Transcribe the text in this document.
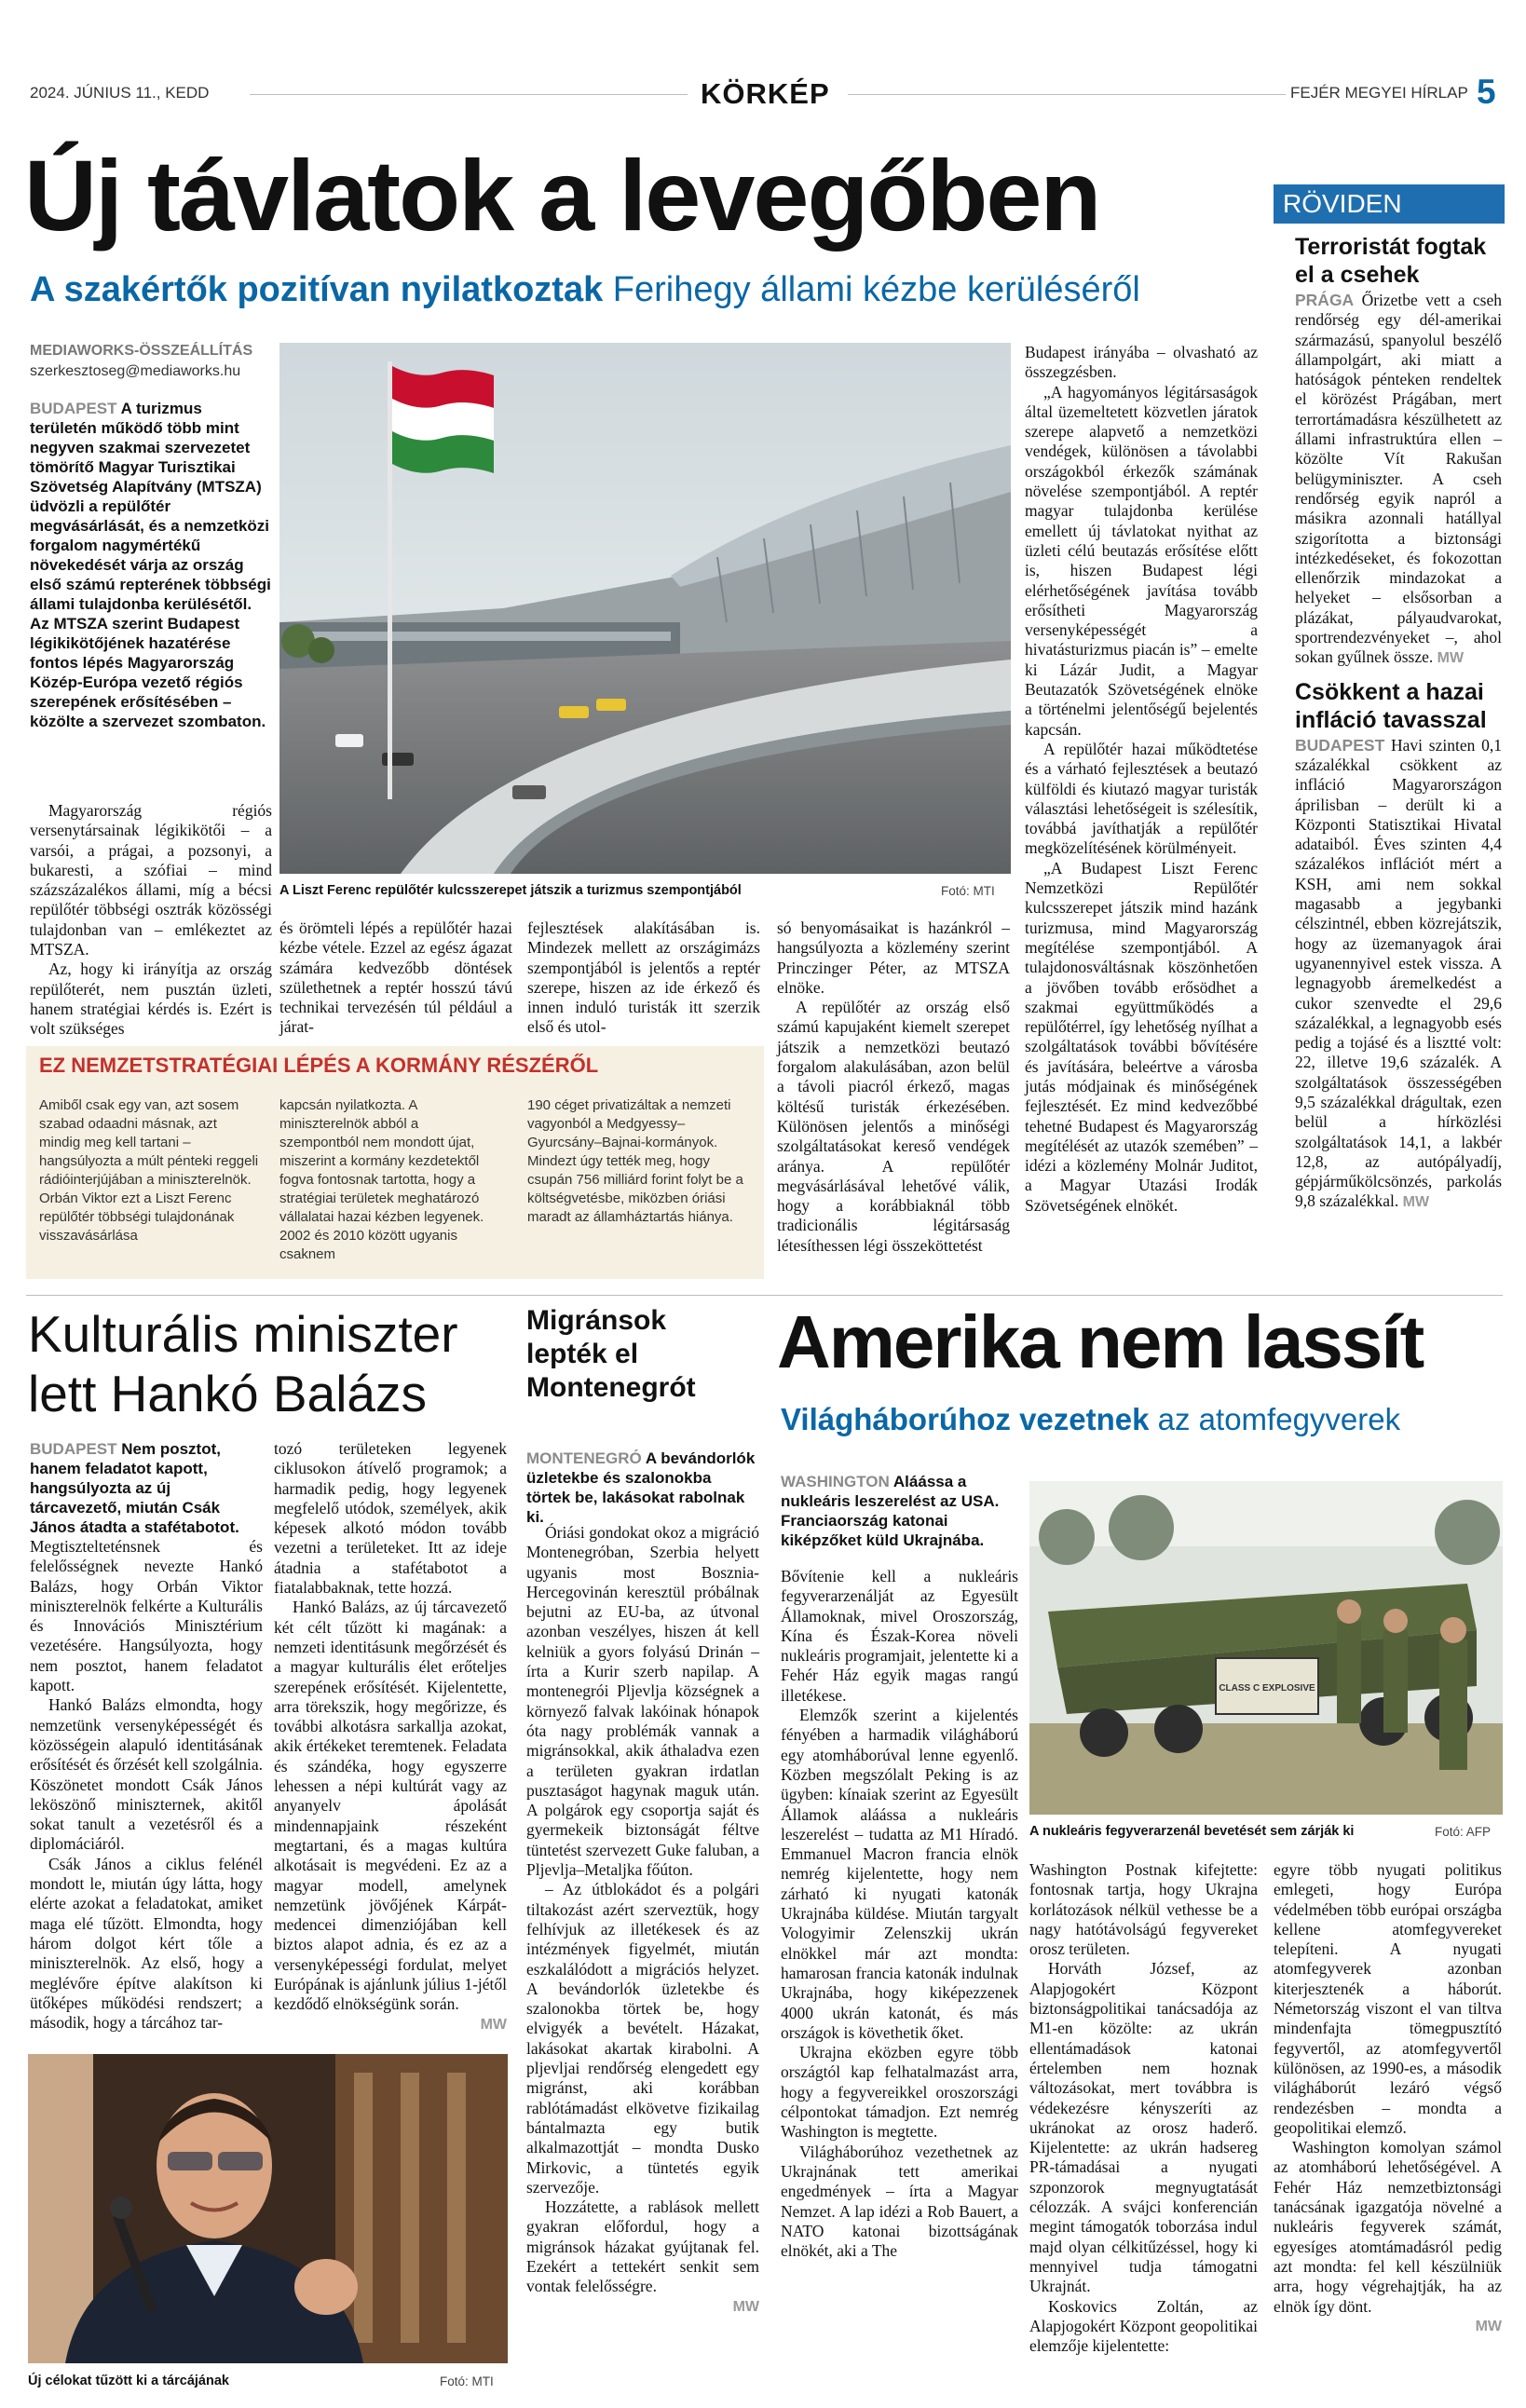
2024. JÚNIUS 11., KEDD	KÖRKÉP	FEJÉR MEGYEI HÍRLAP 5
Új távlatok a levegőben
A szakértők pozitívan nyilatkoztak Ferihegy állami kézbe kerüléséről
MEDIAWORKS-ÖSSZEÁLLÍTÁS
szerkesztoseg@mediaworks.hu

BUDAPEST A turizmus területén működő több mint negyven szakmai szervezetet tömörítő Magyar Turisztikai Szövetség Alapítvány (MTSZA) üdvözli a repülőtér megvásárlását, és a nemzetközi forgalom nagymértékű növekedését várja az ország első számú repterének többségi állami tulajdonba kerülésétől. Az MTSZA szerint Budapest légikikötőjének hazatérése fontos lépés Magyarország Közép-Európa vezető régiós szerepének erősítésében – közölte a szervezet szombaton.

Magyarország régiós versenytársainak légikikötői – a varsói, a prágai, a pozsonyi, a bukaresti, a szófiai – mind százszázalékos állami, míg a bécsi repülőtér többségi osztrák közösségi tulajdonban van – emlékeztet az MTSZA.

Az, hogy ki irányítja az ország repülőterét, nem pusztán üzleti, hanem stratégiai kérdés is. Ezért is volt szükséges

A Liszt Ferenc repülőtér kulcsszerepet játszik a turizmus szempontjából	Fotó: MTI

és örömteli lépés a repülőtér hazai kézbe vétele. Ezzel az egész ágazat számára kedvezőbb döntések születhetnek a reptér hosszú távú technikai tervezésén túl például a járat-

fejlesztések alakításában is. Mindezek mellett az országimázs szempontjából is jelentős a reptér szerepe, hiszen az ide érkező és innen induló turisták itt szerzik első és utol-

só benyomásaikat is hazánkról – hangsúlyozta a közlemény szerint Princzinger Péter, az MTSZA elnöke.

A repülőtér az ország első számú kapujaként kiemelt szerepet játszik a nemzetközi beutazó forgalom alakulásában, azon belül a távoli piacról érkező, magas költésű turisták érkezésében. Különösen jelentős a minőségi szolgáltatásokat kereső vendégek aránya. A repülőtér megvásárlásával lehetővé válik, hogy a korábbiaknál több tradicionális légitársaság létesíthessen légi összeköttetést

Budapest irányába – olvasható az összegzésben.

„A hagyományos légitársaságok által üzemeltetett közvetlen járatok szerepe alapvető a nemzetközi vendégek, különösen a távolabbi országokból érkezők számának növelése szempontjából. A reptér magyar tulajdonba kerülése emellett új távlatokat nyithat az üzleti célú beutazás erősítése előtt is, hiszen Budapest légi elérhetőségének javítása tovább erősítheti Magyarország versenyképességét a hivatásturizmus piacán is” – emelte ki Lázár Judit, a Magyar Beutazatók Szövetségének elnöke a történelmi jelentőségű bejelentés kapcsán.

A repülőtér hazai működtetése és a várható fejlesztések a beutazó külföldi és kiutazó magyar turisták választási lehetőségeit is szélesítik, továbbá javíthatják a repülőtér megközelítésének körülményeit.

„A Budapest Liszt Ferenc Nemzetközi Repülőtér kulcsszerepet játszik mind hazánk turizmusa, mind Magyarország megítélése szempontjából. A tulajdonosváltásnak köszönhetően a jövőben tovább erősödhet a szakmai együttműködés a repülőtérrel, így lehetőség nyílhat a szolgáltatások további bővítésére és javítására, beleértve a városba jutás módjainak és minőségének fejlesztését. Ez mind kedvezőbbé tehetné Budapest és Magyarország megítélését az utazók szemében” – idézi a közlemény Molnár Juditot, a Magyar Utazási Irodák Szövetségének elnökét.

EZ NEMZETSTRATÉGIAI LÉPÉS A KORMÁNY RÉSZÉRŐL
Amiből csak egy van, azt sosem szabad odaadni másnak, azt mindig meg kell tartani – hangsúlyozta a múlt pénteki reggeli rádióinterjújában a miniszterelnök. Orbán Viktor ezt a Liszt Ferenc repülőtér többségi tulajdonának visszavásárlása
kapcsán nyilatkozta. A miniszterelnök abból a szempontból nem mondott újat, miszerint a kormány kezdetektől fogva fontosnak tartotta, hogy a stratégiai területek meghatározó vállalatai hazai kézben legyenek. 2002 és 2010 között ugyanis csaknem
190 céget privatizáltak a nemzeti vagyonból a Medgyessy–Gyurcsány–Bajnai-kormányok. Mindezt úgy tették meg, hogy csupán 756 milliárd forint folyt be a költségvetésbe, miközben óriási maradt az államháztartás hiánya.
RÖVIDEN
Terroristát fogtak el a csehek

PRÁGA Őrizetbe vett a cseh rendőrség egy dél-amerikai származású, spanyolul beszélő állampolgárt, aki miatt a hatóságok pénteken rendeltek el körözést Prágában, mert terrortámadásra készülhetett az állami infrastruktúra ellen – közölte Vít Rakušan belügyminiszter. A cseh rendőrség egyik napról a másikra azonnali hatállyal szigorította a biztonsági intézkedéseket, és fokozottan ellenőrzik mindazokat a helyeket – elsősorban a plázákat, pályaudvarokat, sportrendezvényeket –, ahol sokan gyűlnek össze. MW

Csökkent a hazai infláció tavasszal

BUDAPEST Havi szinten 0,1 százalékkal csökkent az infláció Magyarországon áprilisban – derült ki a Központi Statisztikai Hivatal adataiból. Éves szinten 4,4 százalékos inflációt mért a KSH, ami nem sokkal magasabb a jegybanki célszintnél, ebben közrejátszik, hogy az üzemanyagok árai ugyanennyivel estek vissza. A legnagyobb áremelkedést a cukor szenvedte el 29,6 százalékkal, a legnagyobb esés pedig a tojásé és a lisztté volt: 22, illetve 19,6 százalék. A szolgáltatások összességében 9,5 százalékkal drágultak, ezen belül a hírközlési szolgáltatások 14,1, a lakbér 12,8, az autópályadíj, gépjárműkölcsönzés, parkolás 9,8 százalékkal. MW

Kulturális miniszter
lett Hankó Balázs

BUDAPEST Nem posztot, hanem feladatot kapott, hangsúlyozta az új tárcavezető, miután Csák János átadta a stafétabotot.

Megtisztelteténsnek és felelősségnek nevezte Hankó Balázs, hogy Orbán Viktor miniszterelnök felkérte a Kulturális és Innovációs Minisztérium vezetésére. Hangsúlyozta, hogy nem posztot, hanem feladatot kapott.

Hankó Balázs elmondta, hogy nemzetünk versenyképességét és közösségein alapuló identitásának erősítését és őrzését kell szolgálnia. Köszönetet mondott Csák János leköszönő miniszternek, akitől sokat tanult a vezetésről és a diplomáciáról.

Csák János a ciklus felénél mondott le, miután úgy látta, hogy elérte azokat a feladatokat, amiket maga elé tűzött. Elmondta, hogy három dolgot kért tőle a miniszterelnök. Az első, hogy a meglévőre építve alakítson ki ütőképes működési rendszert; a második, hogy a tárcához tar-

tozó területeken legyenek ciklusokon átívelő programok; a harmadik pedig, hogy legyenek megfelelő utódok, személyek, akik képesek alkotó módon tovább vezetni a területeket. Itt az ideje átadnia a stafétabotot a fiatalabbaknak, tette hozzá.

Hankó Balázs, az új tárcavezető két célt tűzött ki magának: a nemzeti identitásunk megőrzését és a magyar kulturális élet erőteljes szerepének erősítését. Kijelentette, arra törekszik, hogy megőrizze, és további alkotásra sarkallja azokat, akik értékeket teremtenek. Feladata és szándéka, hogy egyszerre lehessen a népi kultúrát vagy az anyanyelv ápolását mindennapjaink részeként megtartani, és a magas kultúra alkotásait is megvédeni. Ez az a magyar modell, amelynek nemzetünk jövőjének Kárpát-medencei dimenziójában kell biztos alapot adnia, és ez az a versenyképességi fordulat, melyet Európának is ajánlunk július 1-jétől kezdődő elnökségünk során.

MW
Új célokat tűzött ki a tárcájának	Fotó: MTI
Migránsok
lepték el
Montenegrót

MONTENEGRÓ A bevándorlók üzletekbe és szalonokba törtek be, lakásokat rabolnak ki.

Óriási gondokat okoz a migráció Montenegróban, Szerbia helyett ugyanis most Bosznia-Hercegovinán keresztül próbálnak bejutni az EU-ba, az útvonal azonban veszélyes, hiszen át kell kelniük a gyors folyású Drinán – írta a Kurir szerb napilap. A montenegrói Pljevlja községnek a környező falvak lakóinak hónapok óta nagy problémák vannak a migránsokkal, akik áthaladva ezen a területen gyakran irdatlan pusztaságot hagynak maguk után. A polgárok egy csoportja saját és gyermekeik biztonságát féltve tüntetést szervezett Guke faluban, a Pljevlja–Metaljka főúton.

– Az útblokádot és a polgári tiltakozást azért szerveztük, hogy felhívjuk az illetékesek és az intézmények figyelmét, miután eszkalálódott a migrációs helyzet. A bevándorlók üzletekbe és szalonokba törtek be, hogy elvigyék a bevételt. Házakat, lakásokat akartak kirabolni. A pljevljai rendőrség elengedett egy migránst, aki korábban rablótámadást elkövetve fizikailag bántalmazta egy butik alkalmazottját – mondta Dusko Mirkovic, a tüntetés egyik szervezője.

Hozzátette, a rablások mellett gyakran előfordul, hogy a migránsok házakat gyújtanak fel. Ezekért a tettekért senkit sem vontak felelősségre.

MW
Amerika nem lassít
Világháborúhoz vezetnek az atomfegyverek

WASHINGTON Aláássa a nukleáris leszerelést az USA. Franciaország katonai kiképzőket küld Ukrajnába.

Bővítenie kell a nukleáris fegyverarzenálját az Egyesült Államoknak, mivel Oroszország, Kína és Észak-Korea növeli nukleáris programjait, jelentette ki a Fehér Ház egyik magas rangú illetékese.

Elemzők szerint a kijelentés fényében a harmadik világháború egy atomháborúval lenne egyenlő. Közben megszólalt Peking is az ügyben: kínaiak szerint az Egyesült Államok aláássa a nukleáris leszerelést – tudatta az M1 Híradó. Emmanuel Macron francia elnök nemrég kijelentette, hogy nem zárható ki nyugati katonák Ukrajnába küldése. Miután targyalt Vologyimir Zelenszkij ukrán elnökkel már azt mondta: hamarosan francia katonák indulnak Ukrajnába, hogy kiképezzenek 4000 ukrán katonát, és más országok is követhetik őket.

Ukrajna eközben egyre több országtól kap felhatalmazást arra, hogy a fegyvereikkel oroszországi célpontokat támadjon. Ezt nemrég Washington is megtette.

Világháborúhoz vezethetnek az Ukrajnának tett amerikai engedmények – írta a Magyar Nemzet. A lap idézi a Rob Bauert, a NATO katonai bizottságának elnökét, aki a The

CLASS C EXPLOSIVE
A nukleáris fegyverarzenál bevetését sem zárják ki	Fotó: AFP

Washington Postnak kifejtette: fontosnak tartja, hogy Ukrajna korlátozások nélkül vethesse be a nagy hatótávolságú fegyvereket orosz területen.

Horváth József, az Alapjogokért Központ biztonságpolitikai tanácsadója az M1-en közölte: az ukrán ellentámadások katonai értelemben nem hoznak változásokat, mert továbbra is védekezésre kényszeríti az ukránokat az orosz haderő. Kijelentette: az ukrán hadsereg PR-támadásai a nyugati szponzorok megnyugtatását célozzák. A svájci konferencián megint támogatók toborzása indul majd olyan célkitűzéssel, hogy ki mennyivel tudja támogatni Ukrajnát.

Koskovics Zoltán, az Alapjogokért Központ geopolitikai elemzője kijelentette:

egyre több nyugati politikus emlegeti, hogy Európa védelmében több európai országba kellene atomfegyvereket telepíteni. A nyugati atomfegyverek azonban kiterjesztenék a háborút. Németország viszont el van tiltva mindenfajta tömegpusztító fegyvertől, az atomfegyvertől különösen, az 1990-es, a második világháborút lezáró végső rendezésben – mondta a geopolitikai elemző.

Washington komolyan számol az atomháború lehetőségével. A Fehér Ház nemzetbiztonsági tanácsának igazgatója növelné a nukleáris fegyverek számát, egyesíges atomtámadásról pedig azt mondta: fel kell készülniük arra, hogy végrehajtják, ha az elnök így dönt.

MW
